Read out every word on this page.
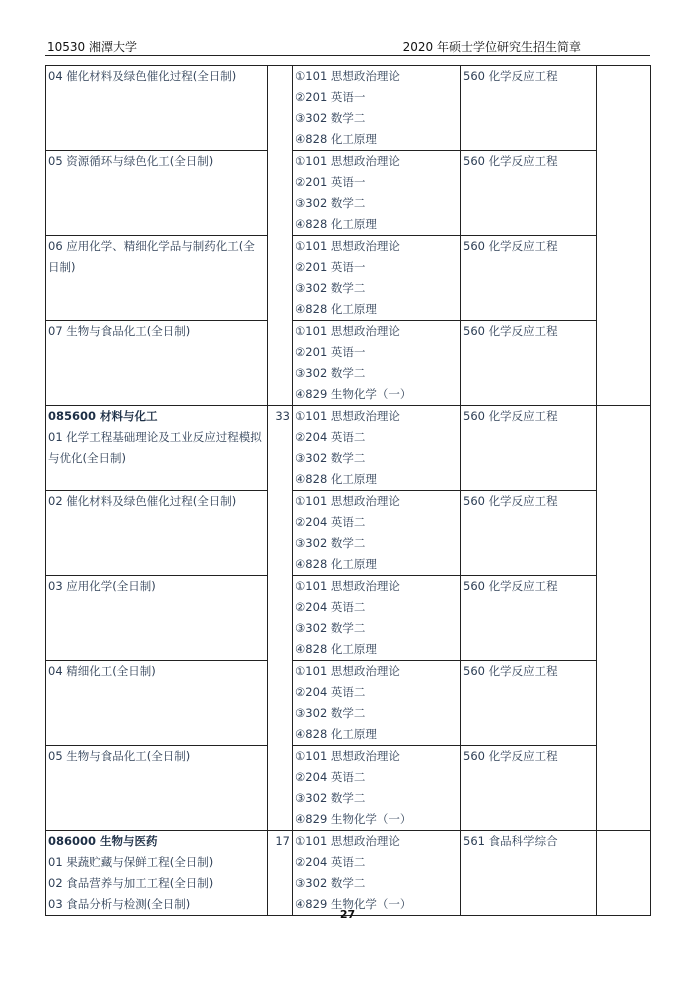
10530 湘潭大学	2020 年硕士学位研究生招生简章
04 催化材料及绿色催化过程(全日制)		①101 思想政治理论
②201 英语一
③302 数学二
④828 化工原理	560 化学反应工程	

05 资源循环与绿色化工(全日制)		①101 思想政治理论
②201 英语一
③302 数学二
④828 化工原理	560 化学反应工程	

06 应用化学、精细化学品与制药化工(全日制)		①101 思想政治理论
②201 英语一
③302 数学二
④828 化工原理	560 化学反应工程	

07 生物与食品化工(全日制)		①101 思想政治理论
②201 英语一
③302 数学二
④829 生物化学（一）	560 化学反应工程	

085600 材料与化工
01 化学工程基础理论及工业反应过程模拟与优化(全日制)	33	①101 思想政治理论
②204 英语二
③302 数学二
④828 化工原理	560 化学反应工程	

02 催化材料及绿色催化过程(全日制)		①101 思想政治理论
②204 英语二
③302 数学二
④828 化工原理	560 化学反应工程	

03 应用化学(全日制)		①101 思想政治理论
②204 英语二
③302 数学二
④828 化工原理	560 化学反应工程	

04 精细化工(全日制)		①101 思想政治理论
②204 英语二
③302 数学二
④828 化工原理	560 化学反应工程	

05 生物与食品化工(全日制)		①101 思想政治理论
②204 英语二
③302 数学二
④829 生物化学（一）	560 化学反应工程	

086000 生物与医药
01 果蔬贮藏与保鲜工程(全日制)
02 食品营养与加工工程(全日制)
03 食品分析与检测(全日制)	17	①101 思想政治理论
②204 英语二
③302 数学二
④829 生物化学（一）	561 食品科学综合	
27
